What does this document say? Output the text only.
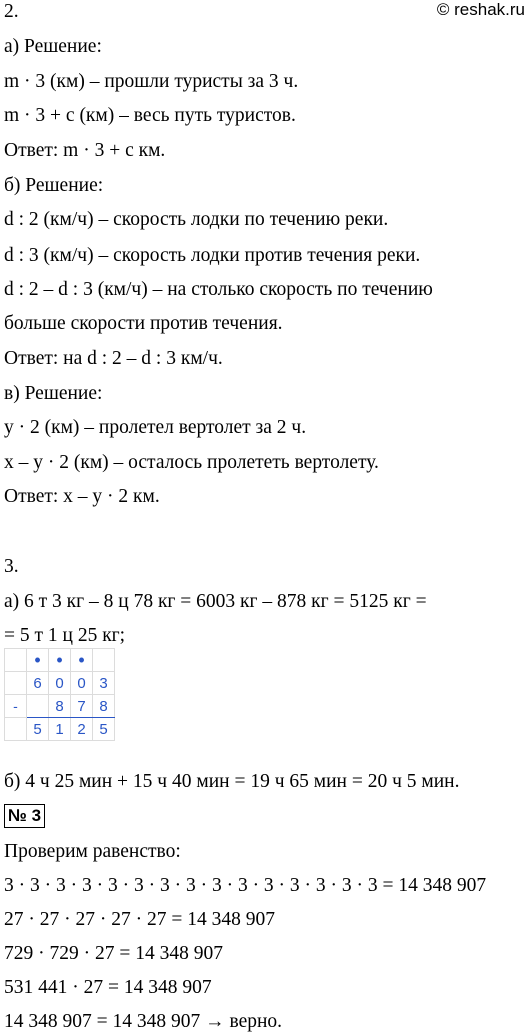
2.	© reshak.ru
а) Решение:
m · 3 (км) – прошли туристы за 3 ч.
m · 3 + c (км) – весь путь туристов.
Ответ: m · 3 + c км.
б) Решение:
d : 2 (км/ч) – скорость лодки по течению реки.
d : 3 (км/ч) – скорость лодки против течения реки.
d : 2 – d : 3 (км/ч) – на столько скорость по течению
больше скорости против течения.
Ответ: на d : 2 – d : 3 км/ч.
в) Решение:
y · 2 (км) – пролетел вертолет за 2 ч.
x – y · 2 (км) – осталось пролететь вертолету.
Ответ: x – y · 2 км.
3.
а) 6 т 3 кг – 8 ц 78 кг = 6003 кг – 878 кг = 5125 кг =
= 5 т 1 ц 25 кг;
	•	•	•	
	6	0	0	3
-		8	7	8
	5	1	2	5
б) 4 ч 25 мин + 15 ч 40 мин = 19 ч 65 мин = 20 ч 5 мин.
№ 3
Проверим равенство:
3 · 3 · 3 · 3 · 3 · 3 · 3 · 3 · 3 · 3 · 3 · 3 · 3 · 3 · 3 = 14 348 907
27 · 27 · 27 · 27 · 27 = 14 348 907
729 · 729 · 27 = 14 348 907
531 441 · 27 = 14 348 907
14 348 907 = 14 348 907 → верно.
